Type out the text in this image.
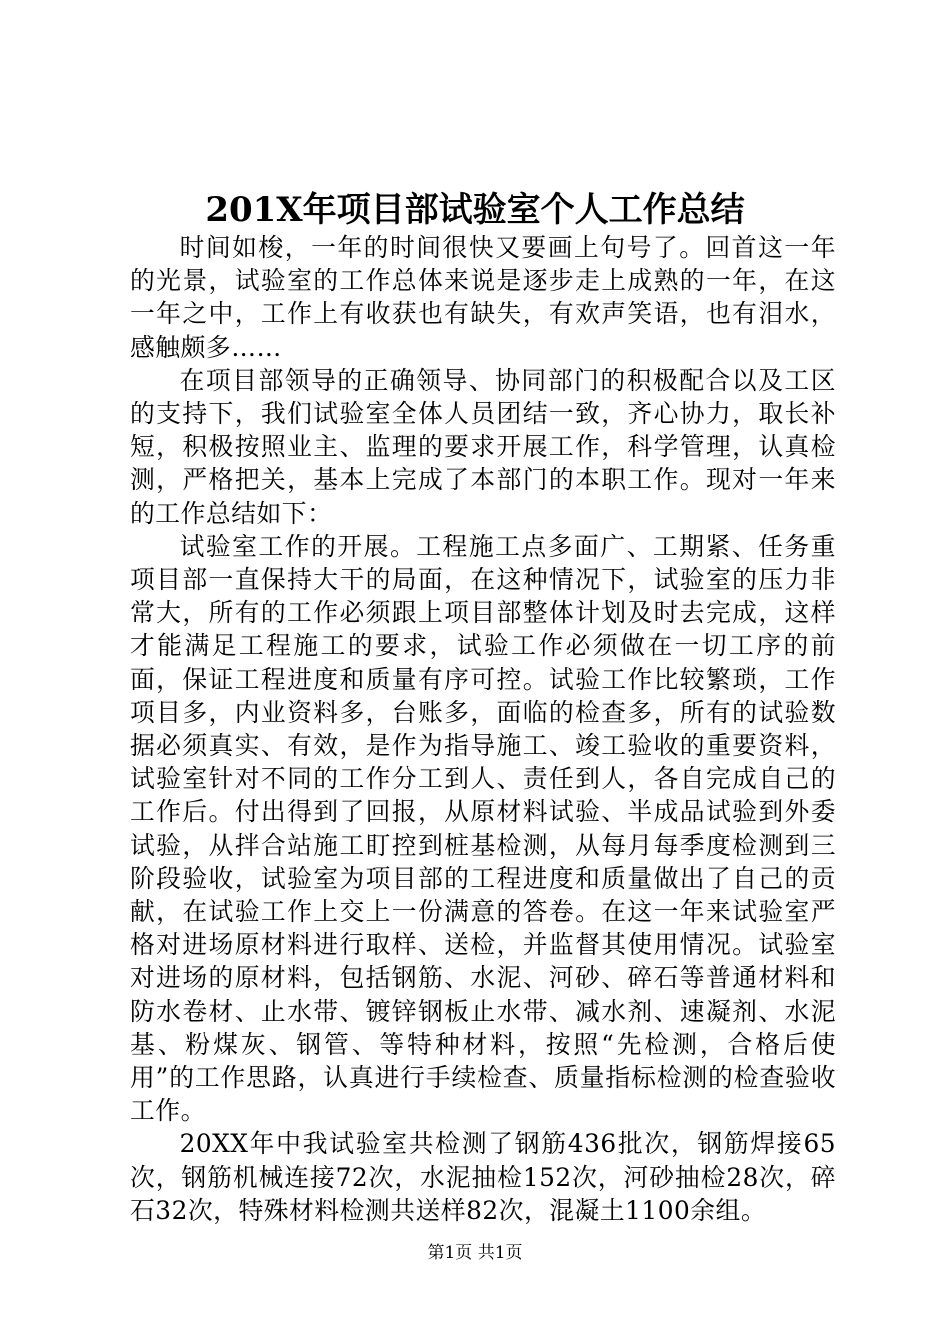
201X年项目部试验室个人工作总结

时间如梭，一年的时间很快又要画上句号了。回首这一年的光景，试验室的工作总体来说是逐步走上成熟的一年，在这一年之中，工作上有收获也有缺失，有欢声笑语，也有泪水，感触颇多……

在项目部领导的正确领导、协同部门的积极配合以及工区的支持下，我们试验室全体人员团结一致，齐心协力，取长补短，积极按照业主、监理的要求开展工作，科学管理，认真检测，严格把关，基本上完成了本部门的本职工作。现对一年来的工作总结如下：

试验室工作的开展。工程施工点多面广、工期紧、任务重项目部一直保持大干的局面，在这种情况下，试验室的压力非常大，所有的工作必须跟上项目部整体计划及时去完成，这样才能满足工程施工的要求，试验工作必须做在一切工序的前面，保证工程进度和质量有序可控。试验工作比较繁琐，工作项目多，内业资料多，台账多，面临的检查多，所有的试验数据必须真实、有效，是作为指导施工、竣工验收的重要资料，试验室针对不同的工作分工到人、责任到人，各自完成自己的工作后。付出得到了回报，从原材料试验、半成品试验到外委试验，从拌合站施工盯控到桩基检测，从每月每季度检测到三阶段验收，试验室为项目部的工程进度和质量做出了自己的贡献，在试验工作上交上一份满意的答卷。在这一年来试验室严格对进场原材料进行取样、送检，并监督其使用情况。试验室对进场的原材料，包括钢筋、水泥、河砂、碎石等普通材料和防水卷材、止水带、镀锌钢板止水带、减水剂、速凝剂、水泥基、粉煤灰、钢管、等特种材料，按照“先检测，合格后使用”的工作思路，认真进行手续检查、质量指标检测的检查验收工作。

20XX年中我试验室共检测了钢筋436批次，钢筋焊接65次，钢筋机械连接72次，水泥抽检152次，河砂抽检28次，碎石32次，特殊材料检测共送样82次，混凝土1100余组。

第1页 共1页
